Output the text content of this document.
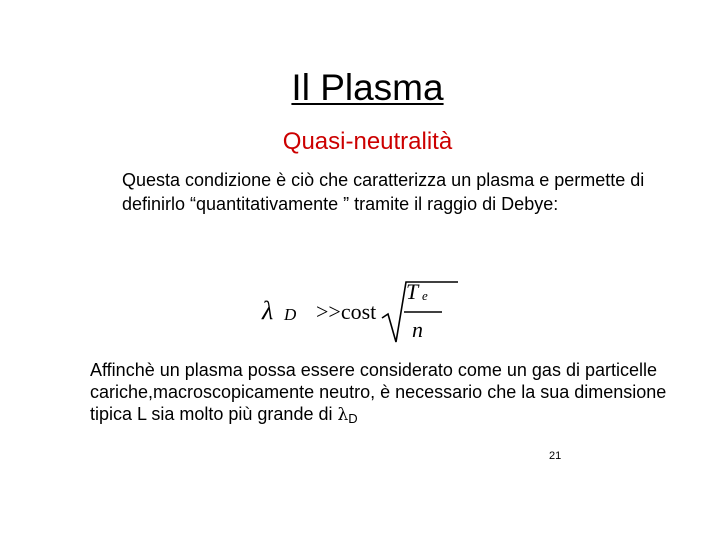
Il Plasma
Quasi-neutralità

Questa condizione è ciò che caratterizza un plasma e permette di definirlo “quantitativamente ” tramite il raggio di Debye:

λ D >>cost
T e
n

Affinchè un plasma possa essere considerato come un gas di particelle cariche,macroscopicamente neutro, è necessario che la sua dimensione tipica L sia molto più grande di $\lambda_D$

21
